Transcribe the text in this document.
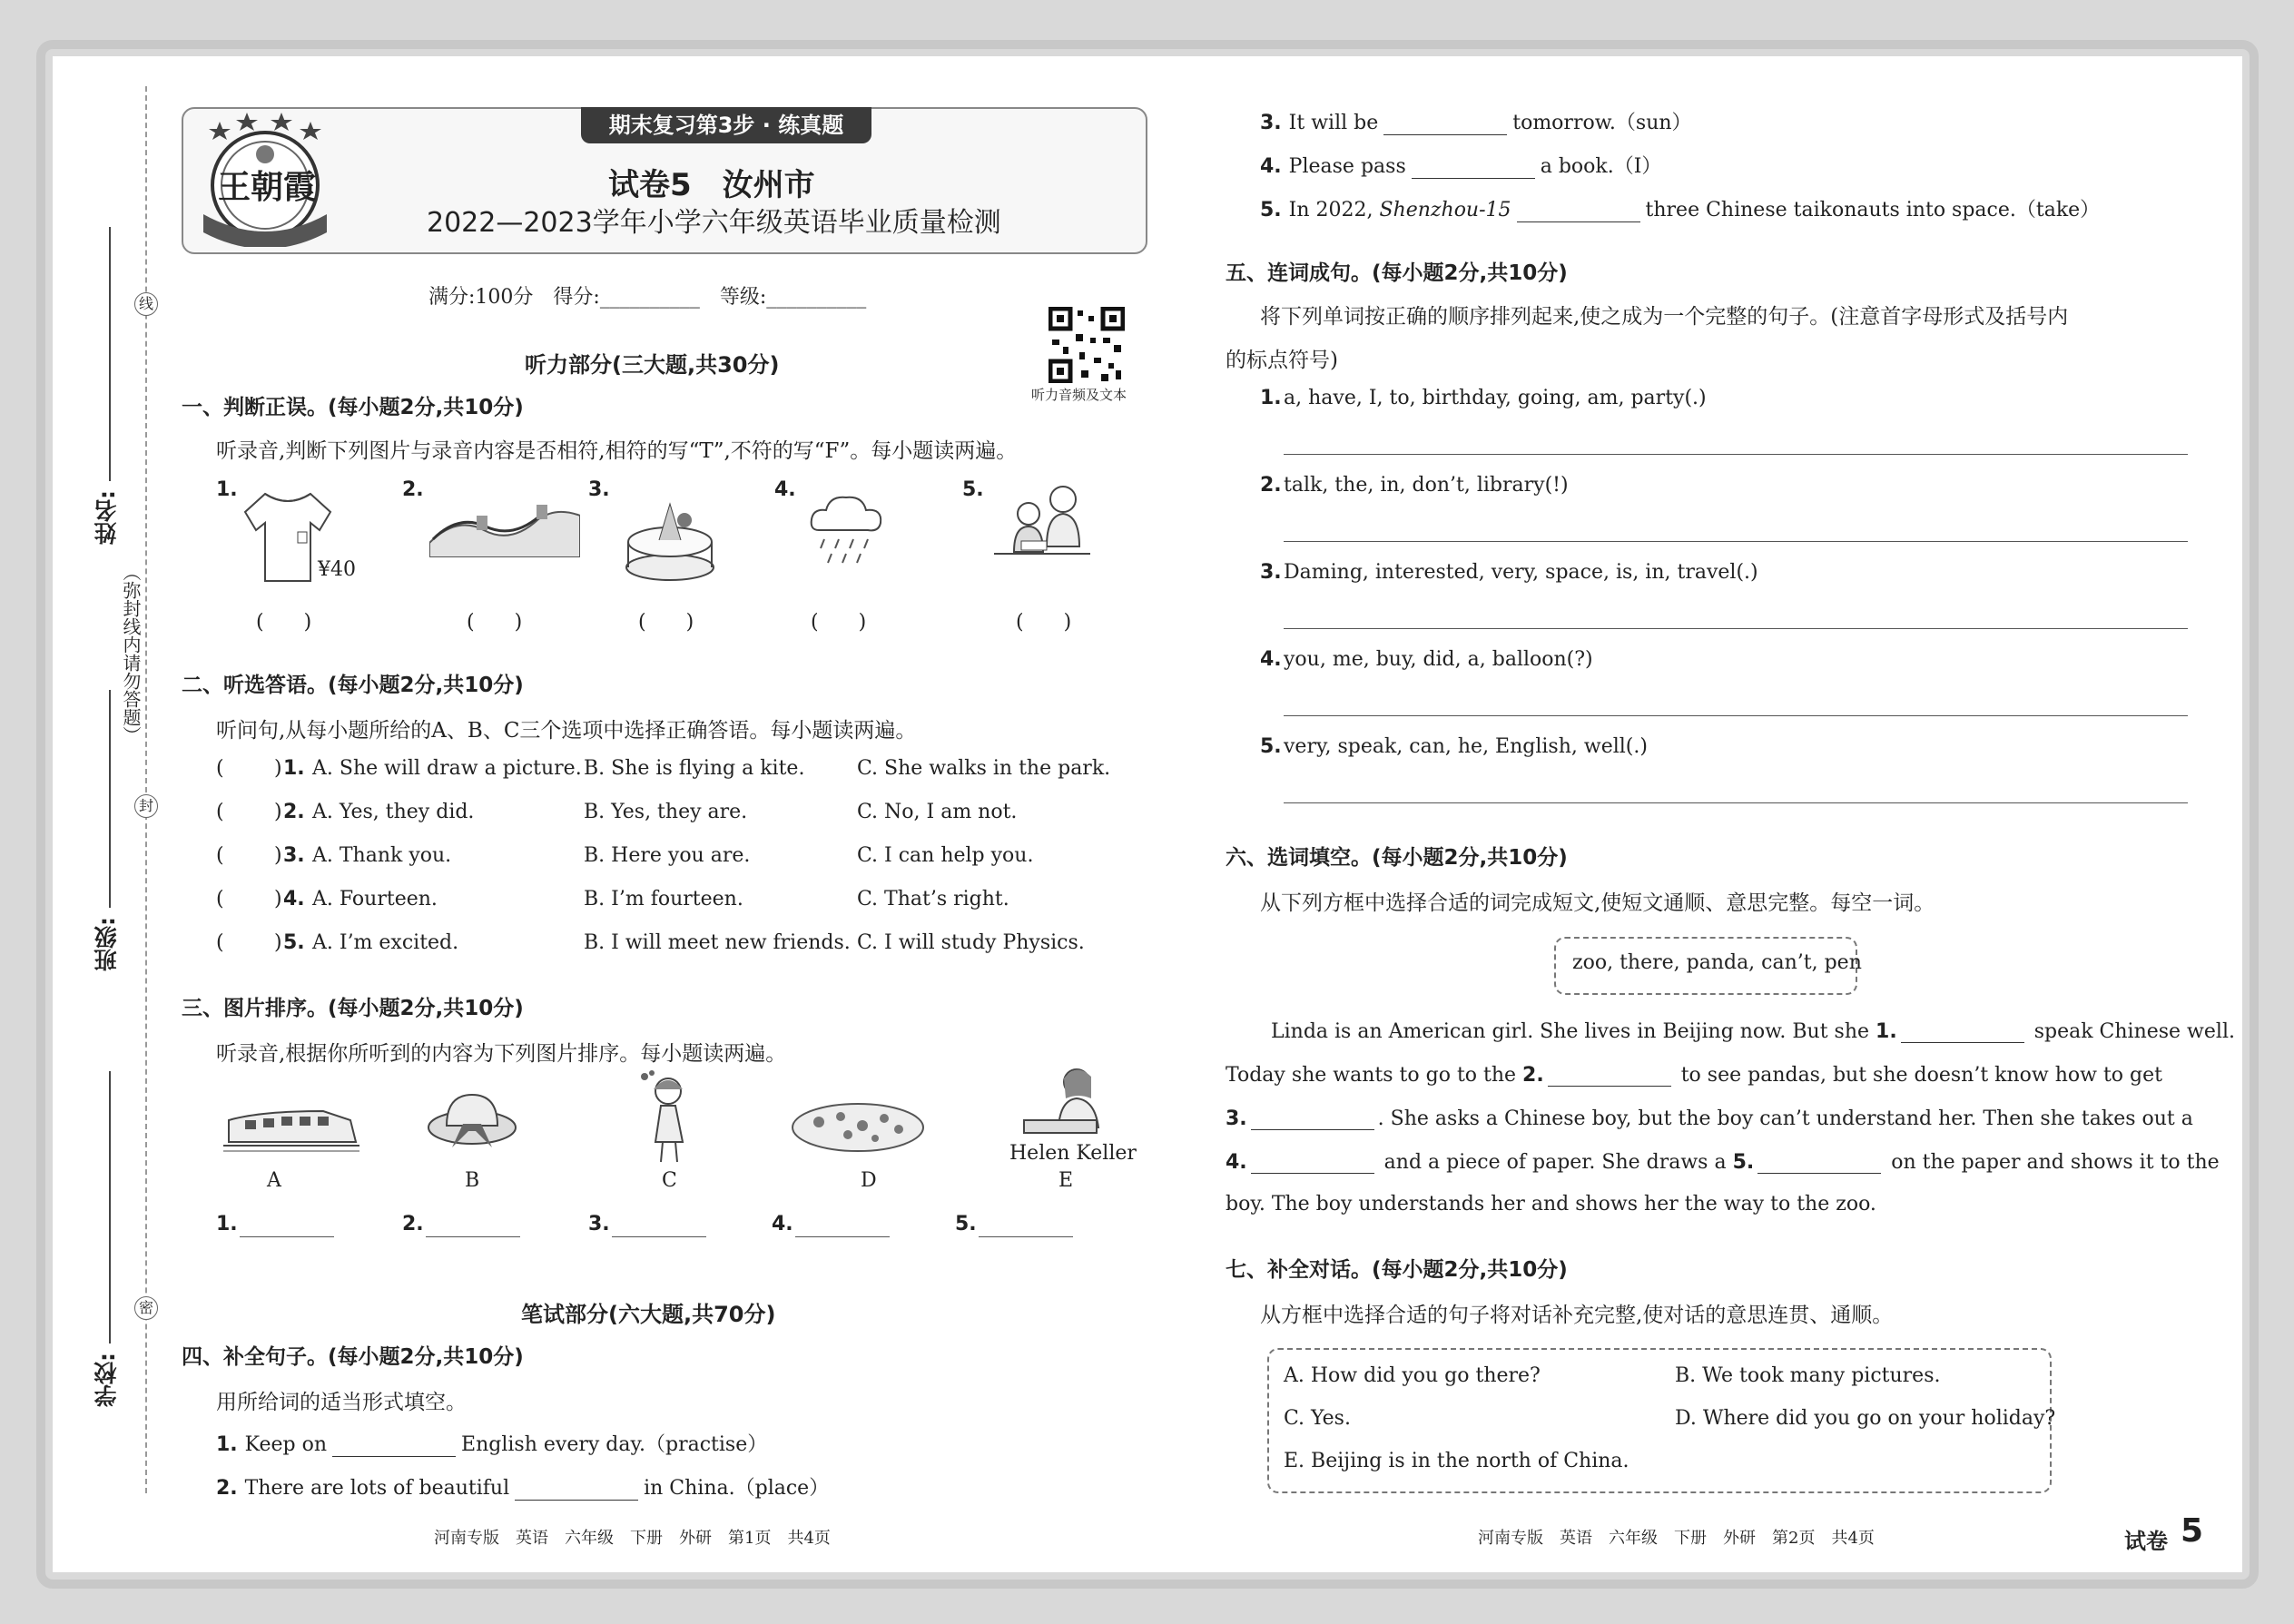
线
封
密
（弥封线内请勿答题）
姓名:
班级:
学校:
期末复习第3步 · 练真题
王朝霞	试卷5　汝州市
2022—2023学年小学六年级英语毕业质量检测
满分:100分　得分:__________　等级:__________
听力音频及文本
听力部分(三大题,共30分)
一、判断正误。(每小题2分,共10分)
听录音,判断下列图片与录音内容是否相符,相符的写“T”,不符的写“F”。每小题读两遍。
1.	2.	3.	4.	5.
¥40
(　　)	(　　)	(　　)	(　　)	(　　)
二、听选答语。(每小题2分,共10分)
听问句,从每小题所给的A、B、C三个选项中选择正确答语。每小题读两遍。
三、图片排序。(每小题2分,共10分)
听录音,根据你所听到的内容为下列图片排序。每小题读两遍。
A	B	C	D
Helen Keller
E
笔试部分(六大题,共70分)
四、补全句子。(每小题2分,共10分)
用所给词的适当形式填空。
五、连词成句。(每小题2分,共10分)
将下列单词按正确的顺序排列起来,使之成为一个完整的句子。(注意首字母形式及括号内
的标点符号)
六、选词填空。(每小题2分,共10分)
从下列方框中选择合适的词完成短文,使短文通顺、意思完整。每空一词。
zoo, there, panda, can’t, pen
七、补全对话。(每小题2分,共10分)
从方框中选择合适的句子将对话补充完整,使对话的意思连贯、通顺。
A. How did you go there?	B. We took many pictures.
C. Yes.	D. Where did you go on your holiday?
E. Beijing is in the north of China.
河南专版　英语　六年级　下册　外研　第1页　共4页	河南专版　英语　六年级　下册　外研　第2页　共4页	试卷 5
(	) 1. A. She will draw a picture. B. She is flying a kite.	C. She walks in the park.
(	) 2. A. Yes, they did.	B. Yes, they are.	C. No, I am not.
(	) 3. A. Thank you.	B. Here you are.	C. I can help you.
(	) 4. A. Fourteen.	B. I’m fourteen.	C. That’s right.
(	) 5. A. I’m excited.	B. I will meet new friends. C. I will study Physics.
1.	2.	3.	4.	5.
1. Keep on	English every day.（practise）
2. There are lots of beautiful	in China.（place）
3. It will be	tomorrow.（sun）
4. Please pass	a book.（I）
5. In 2022, Shenzhou-15	three Chinese taikonauts into space.（take）
1. a, have, I, to, birthday, going, am, party(.)
2. talk, the, in, don’t, library(!)
3. Daming, interested, very, space, is, in, travel(.)
4. you, me, buy, did, a, balloon(?)
5. very, speak, can, he, English, well(.)
Linda is an American girl. She lives in Beijing now. But she 1.	speak Chinese well.
Today she wants to go to the 2.	to see pandas, but she doesn’t know how to get
3.	. She asks a Chinese boy, but the boy can’t understand her. Then she takes out a
4.	and a piece of paper. She draws a 5.	on the paper and shows it to the
boy. The boy understands her and shows her the way to the zoo.
